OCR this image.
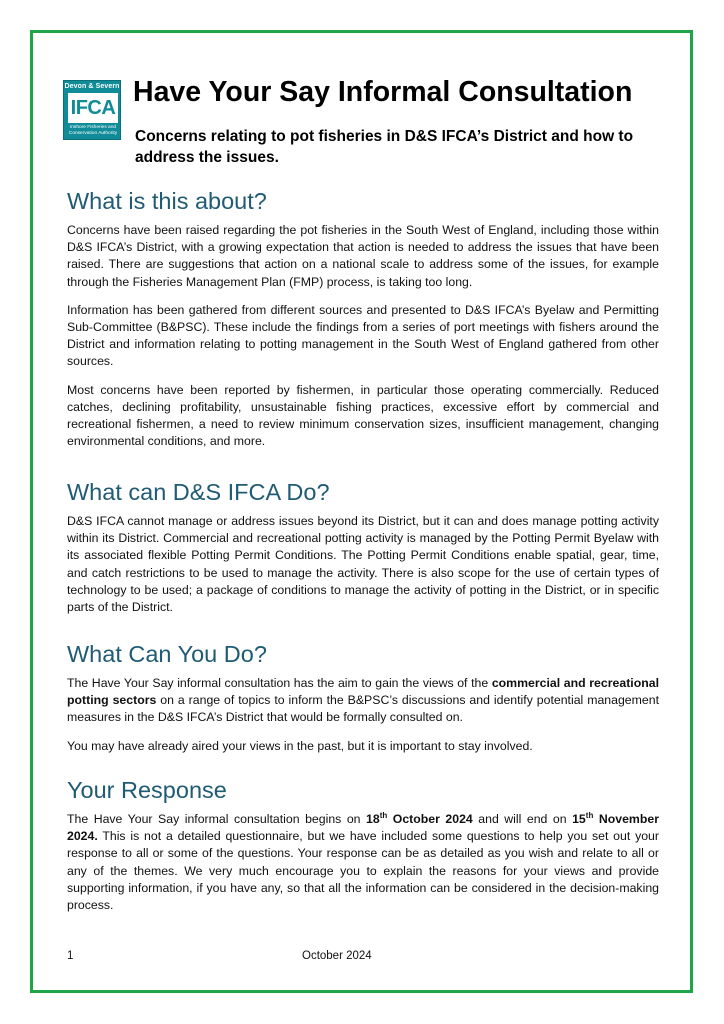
Devon & Severn
IFCA
Inshore Fisheries and Conservation Authority
Have Your Say Informal Consultation

Concerns relating to pot fisheries in D&S IFCA’s District and how to address the issues.

What is this about?

Concerns have been raised regarding the pot fisheries in the South West of England, including those within D&S IFCA’s District, with a growing expectation that action is needed to address the issues that have been raised. There are suggestions that action on a national scale to address some of the issues, for example through the Fisheries Management Plan (FMP) process, is taking too long.

Information has been gathered from different sources and presented to D&S IFCA’s Byelaw and Permitting Sub-Committee (B&PSC). These include the findings from a series of port meetings with fishers around the District and information relating to potting management in the South West of England gathered from other sources.

Most concerns have been reported by fishermen, in particular those operating commercially. Reduced catches, declining profitability, unsustainable fishing practices, excessive effort by commercial and recreational fishermen, a need to review minimum conservation sizes, insufficient management, changing environmental conditions, and more.

What can D&S IFCA Do?

D&S IFCA cannot manage or address issues beyond its District, but it can and does manage potting activity within its District. Commercial and recreational potting activity is managed by the Potting Permit Byelaw with its associated flexible Potting Permit Conditions. The Potting Permit Conditions enable spatial, gear, time, and catch restrictions to be used to manage the activity. There is also scope for the use of certain types of technology to be used; a package of conditions to manage the activity of potting in the District, or in specific parts of the District.

What Can You Do?

The Have Your Say informal consultation has the aim to gain the views of the commercial and recreational potting sectors on a range of topics to inform the B&PSC’s discussions and identify potential management measures in the D&S IFCA’s District that would be formally consulted on.

You may have already aired your views in the past, but it is important to stay involved.

Your Response

The Have Your Say informal consultation begins on 18th October 2024 and will end on 15th November 2024. This is not a detailed questionnaire, but we have included some questions to help you set out your response to all or some of the questions. Your response can be as detailed as you wish and relate to all or any of the themes. We very much encourage you to explain the reasons for your views and provide supporting information, if you have any, so that all the information can be considered in the decision-making process.

1	October 2024
